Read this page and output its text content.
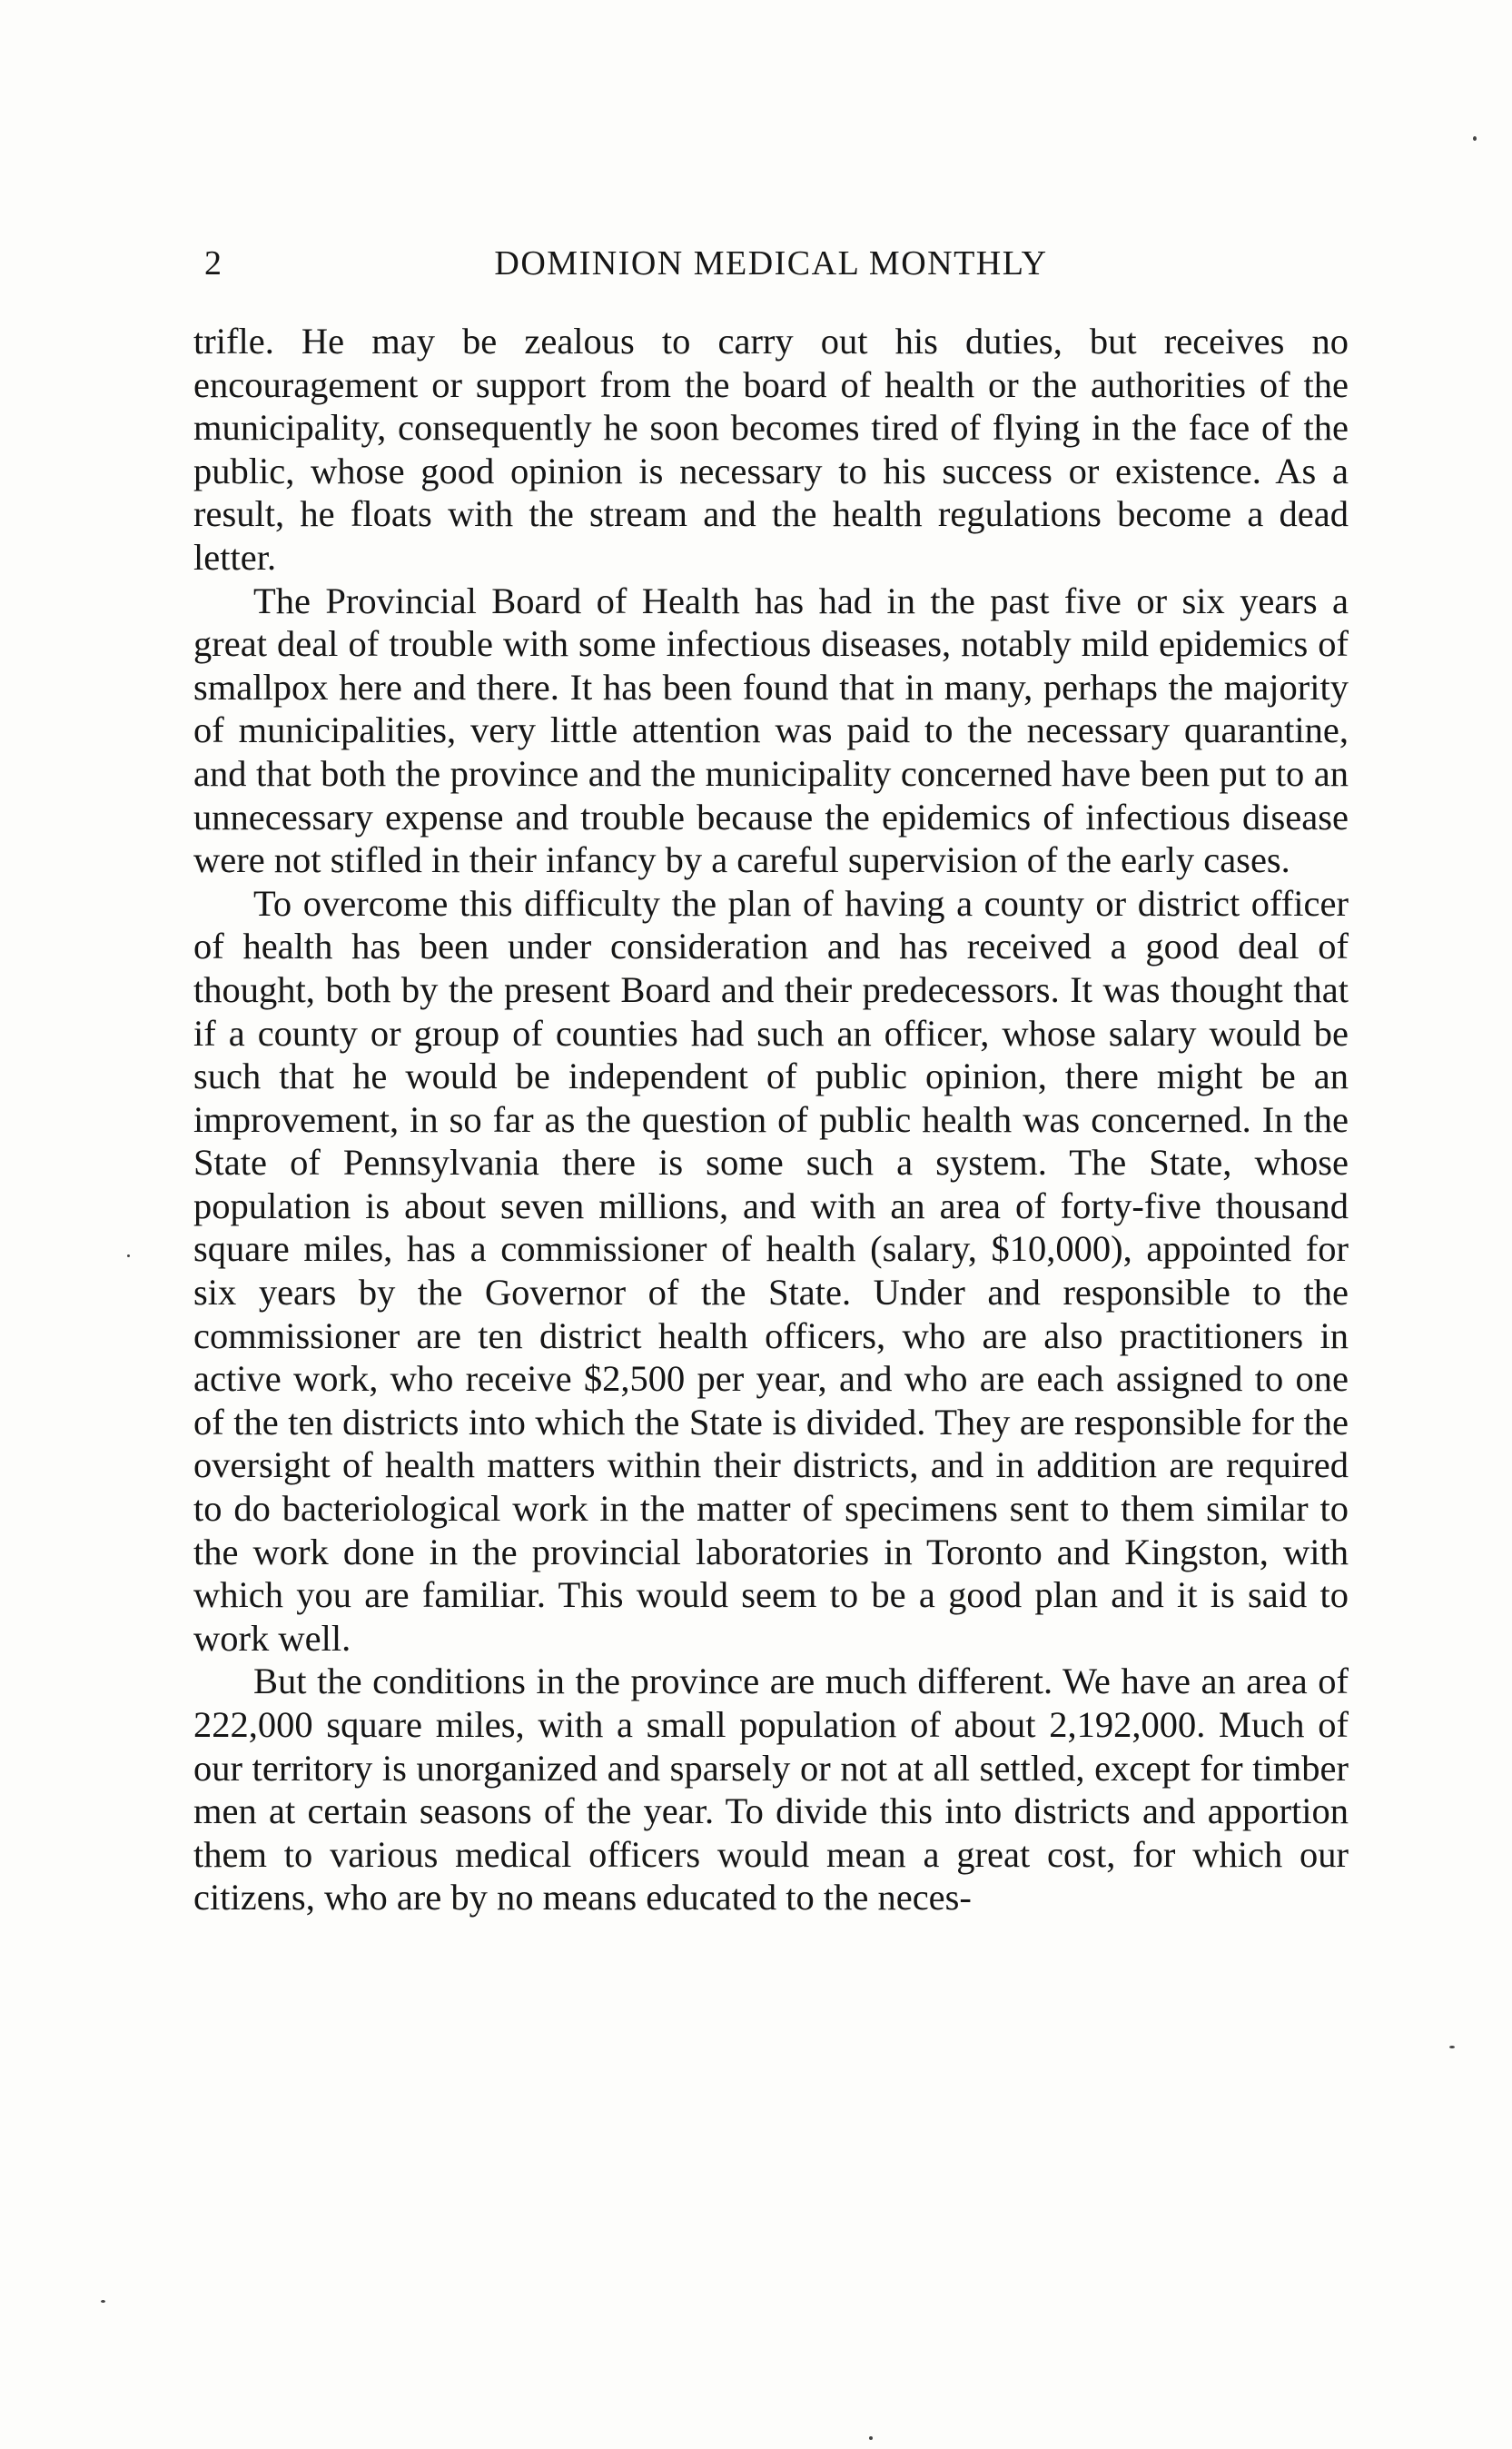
2	DOMINION MEDICAL MONTHLY

trifle. He may be zealous to carry out his duties, but receives no encouragement or support from the board of health or the authorities of the municipality, consequently he soon becomes tired of flying in the face of the public, whose good opinion is necessary to his success or existence. As a result, he floats with the stream and the health regulations become a dead letter.

The Provincial Board of Health has had in the past five or six years a great deal of trouble with some infectious diseases, notably mild epidemics of smallpox here and there. It has been found that in many, perhaps the majority of municipalities, very little attention was paid to the necessary quarantine, and that both the province and the municipality concerned have been put to an unnecessary expense and trouble because the epidemics of infectious disease were not stifled in their infancy by a careful supervision of the early cases.

To overcome this difficulty the plan of having a county or district officer of health has been under consideration and has received a good deal of thought, both by the present Board and their predecessors. It was thought that if a county or group of counties had such an officer, whose salary would be such that he would be independent of public opinion, there might be an improvement, in so far as the question of public health was concerned. In the State of Pennsylvania there is some such a system. The State, whose population is about seven millions, and with an area of forty-five thousand square miles, has a commissioner of health (salary, $10,000), appointed for six years by the Governor of the State. Under and responsible to the commissioner are ten district health officers, who are also practitioners in active work, who receive $2,500 per year, and who are each assigned to one of the ten districts into which the State is divided. They are responsible for the oversight of health matters within their districts, and in addition are required to do bacteriological work in the matter of specimens sent to them similar to the work done in the provincial laboratories in Toronto and Kingston, with which you are familiar. This would seem to be a good plan and it is said to work well.

But the conditions in the province are much different. We have an area of 222,000 square miles, with a small population of about 2,192,000. Much of our territory is unorganized and sparsely or not at all settled, except for timber men at certain seasons of the year. To divide this into districts and apportion them to various medical officers would mean a great cost, for which our citizens, who are by no means educated to the neces-
